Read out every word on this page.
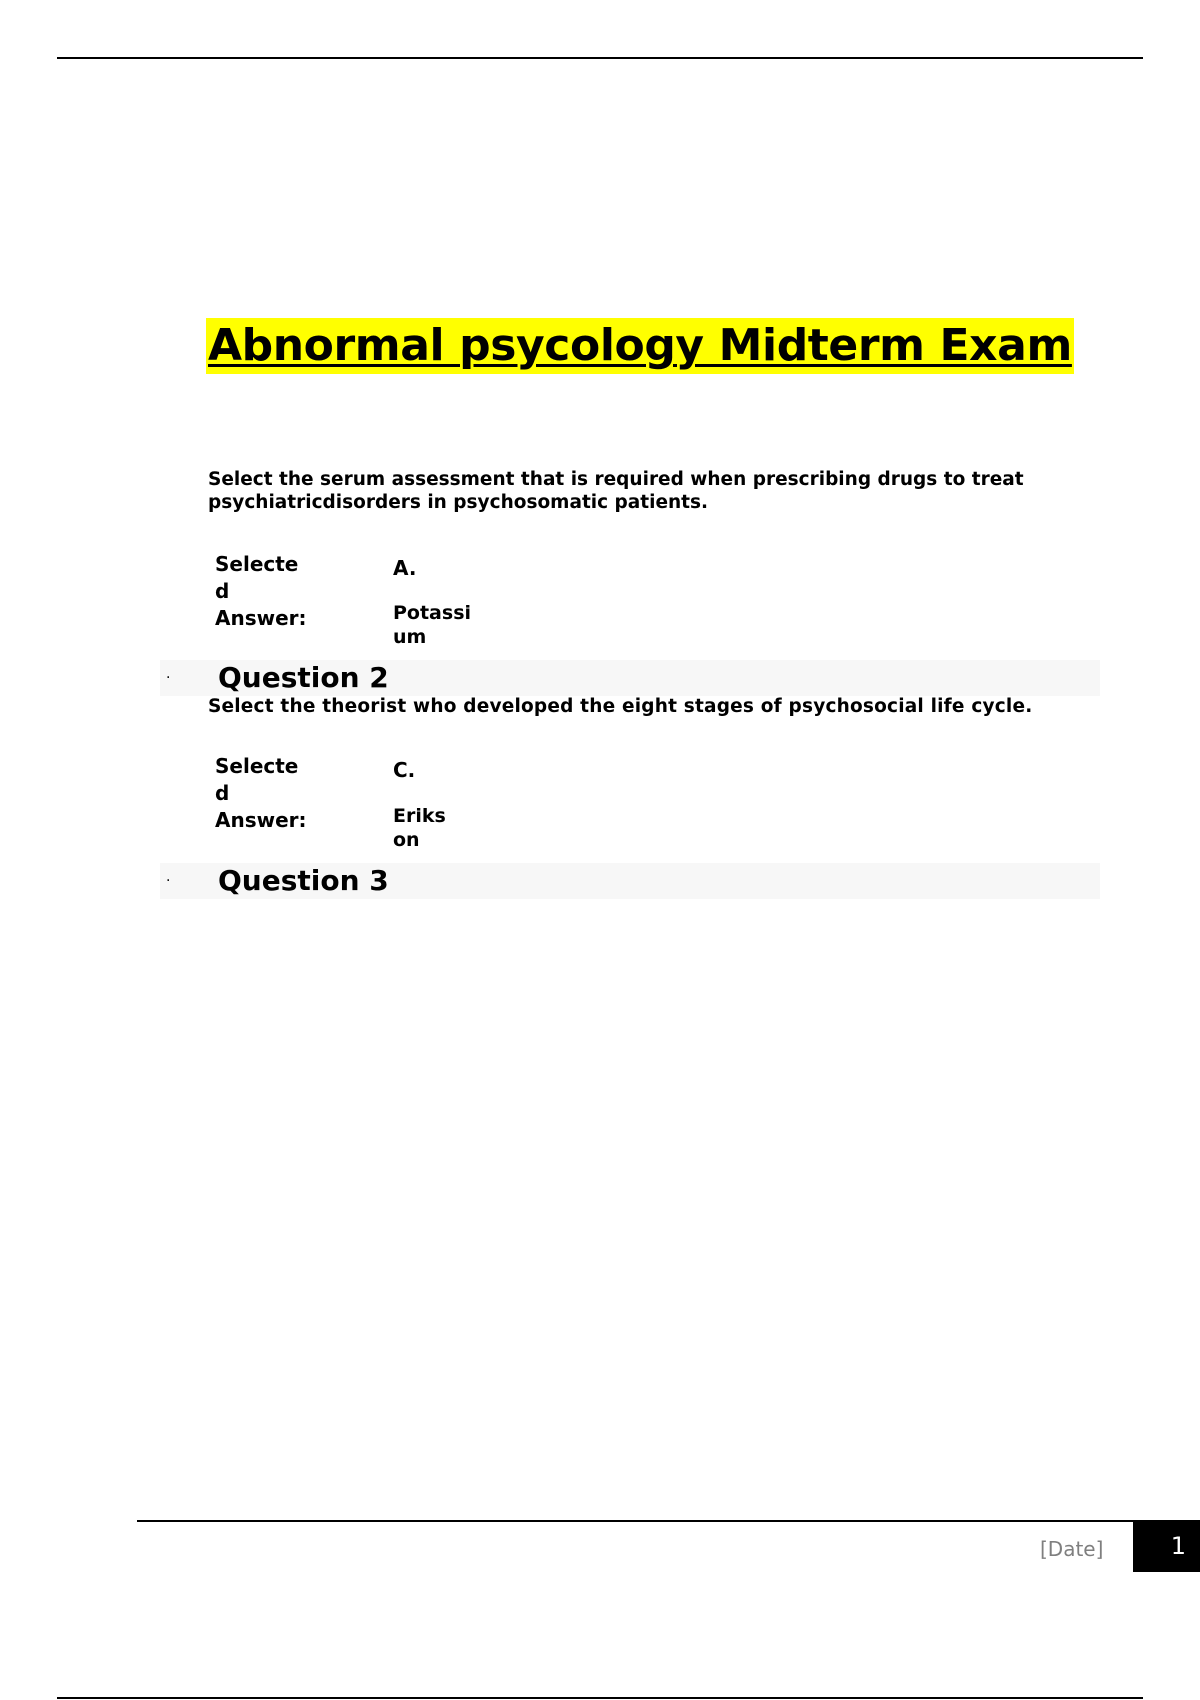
Abnormal psycology Midterm Exam
Select the serum assessment that is required when prescribing drugs to treat psychiatricdisorders in psychosomatic patients.
Selecte
d
Answer:
A.
Potassi
um
· Question 2
Select the theorist who developed the eight stages of psychosocial life cycle.
Selecte
d
Answer:
C.
Eriks
on
· Question 3
[Date]	1
